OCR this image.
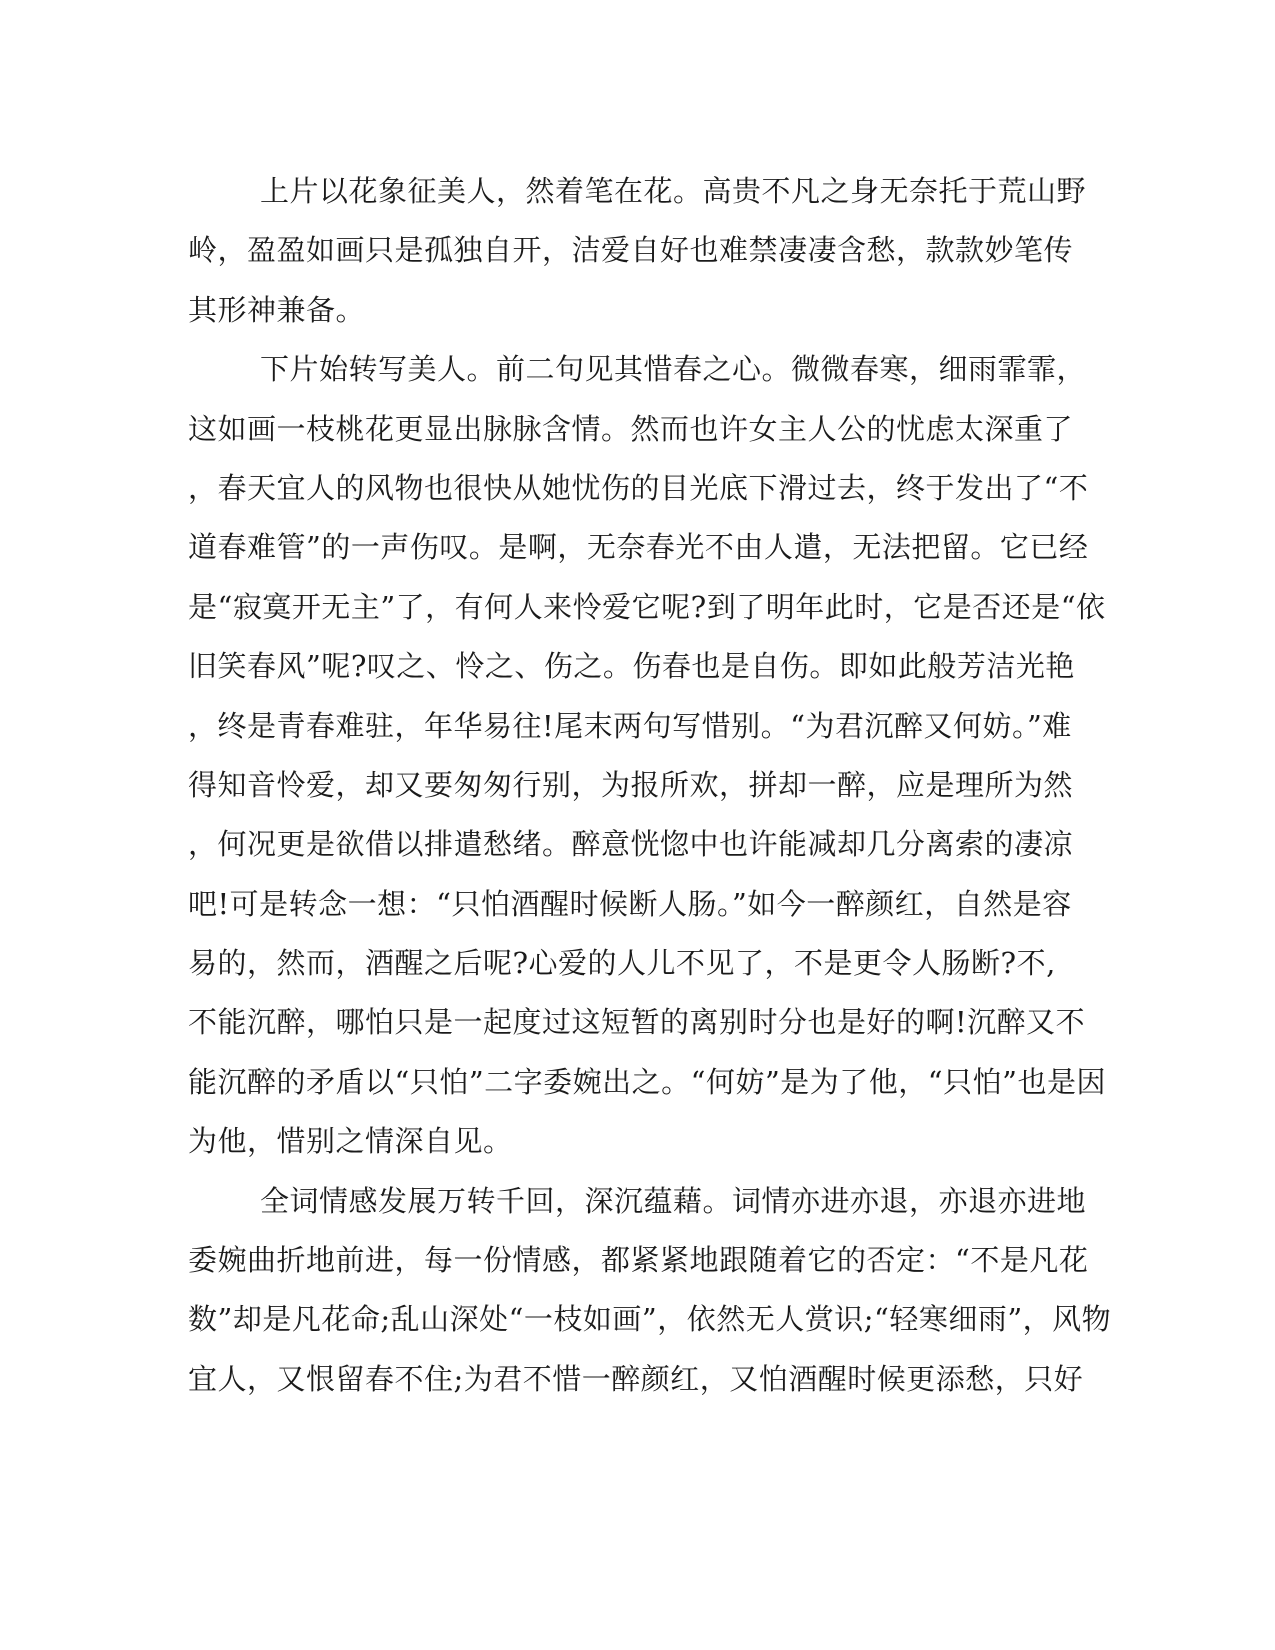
上片以花象征美人，然着笔在花。高贵不凡之身无奈托于荒山野
岭，盈盈如画只是孤独自开，洁爱自好也难禁凄凄含愁，款款妙笔传
其形神兼备。
下片始转写美人。前二句见其惜春之心。微微春寒，细雨霏霏，
这如画一枝桃花更显出脉脉含情。然而也许女主人公的忧虑太深重了
，春天宜人的风物也很快从她忧伤的目光底下滑过去，终于发出了“不
道春难管”的一声伤叹。是啊，无奈春光不由人遣，无法把留。它已经
是“寂寞开无主”了，有何人来怜爱它呢?到了明年此时，它是否还是“依
旧笑春风”呢?叹之、怜之、伤之。伤春也是自伤。即如此般芳洁光艳
，终是青春难驻，年华易往!尾末两句写惜别。“为君沉醉又何妨。”难
得知音怜爱，却又要匆匆行别，为报所欢，拼却一醉，应是理所为然
，何况更是欲借以排遣愁绪。醉意恍惚中也许能减却几分离索的凄凉
吧!可是转念一想：“只怕酒醒时候断人肠。”如今一醉颜红，自然是容
易的，然而，酒醒之后呢?心爱的人儿不见了，不是更令人肠断?不,
不能沉醉，哪怕只是一起度过这短暂的离别时分也是好的啊!沉醉又不
能沉醉的矛盾以“只怕”二字委婉出之。“何妨”是为了他，“只怕”也是因
为他，惜别之情深自见。
全词情感发展万转千回，深沉蕴藉。词情亦进亦退，亦退亦进地
委婉曲折地前进，每一份情感，都紧紧地跟随着它的否定：“不是凡花
数”却是凡花命;乱山深处“一枝如画”，依然无人赏识;“轻寒细雨”，风物
宜人，又恨留春不住;为君不惜一醉颜红，又怕酒醒时候更添愁，只好
